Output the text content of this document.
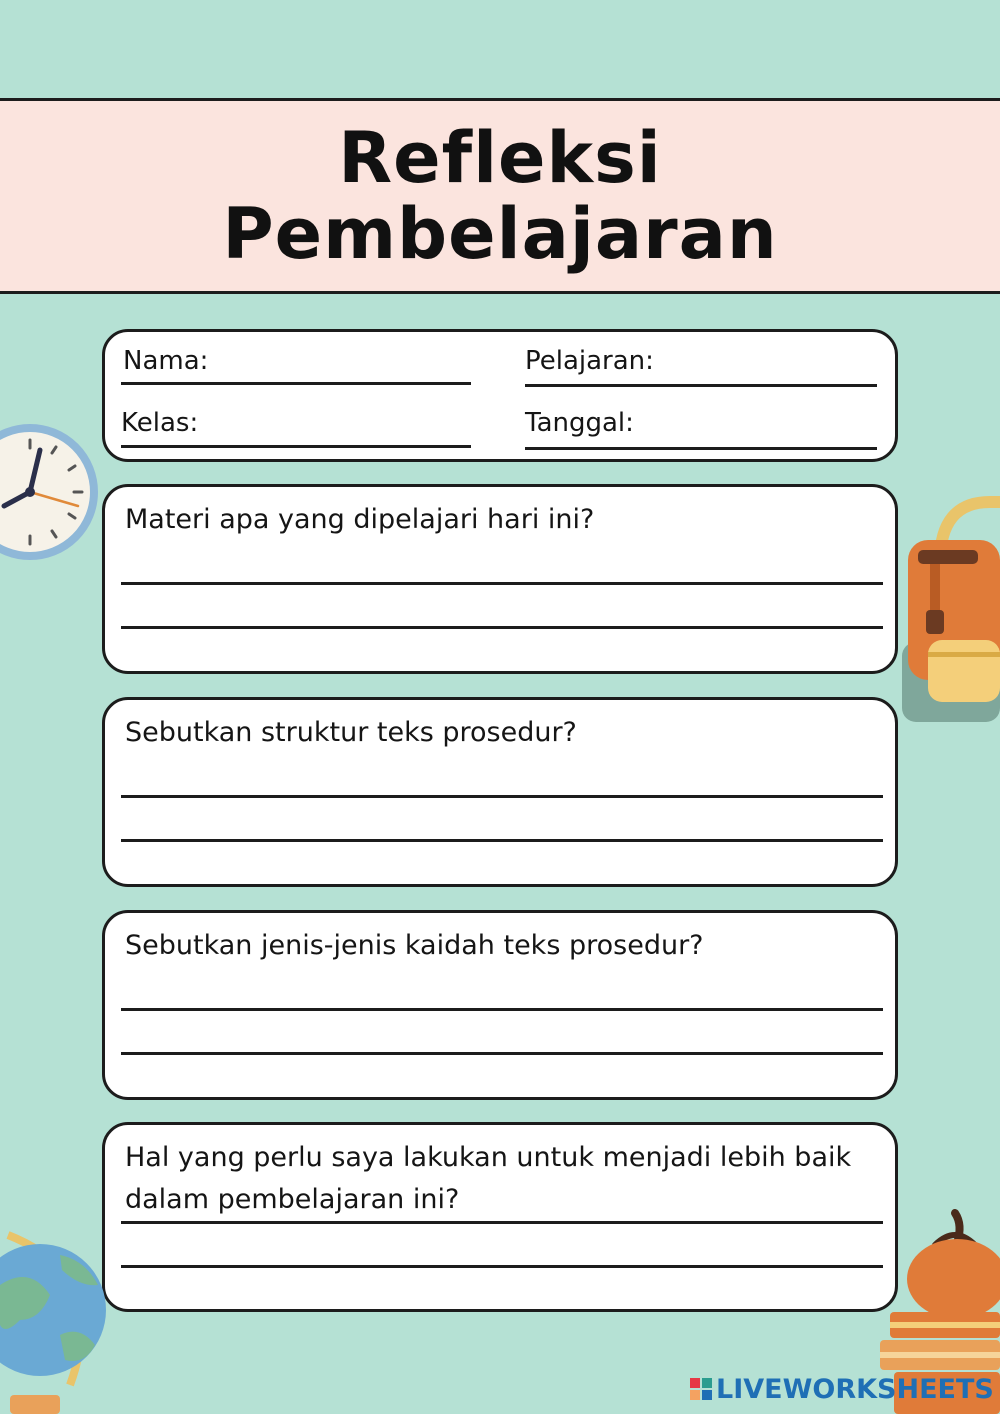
Refleksi
Pembelajaran
Nama:	Pelajaran:
Kelas:	Tanggal:
Materi apa yang dipelajari hari ini?
Sebutkan struktur teks prosedur?
Sebutkan jenis-jenis kaidah teks prosedur?
Hal yang perlu saya lakukan untuk menjadi lebih baik dalam pembelajaran ini?
LIVEWORKSHEETS
